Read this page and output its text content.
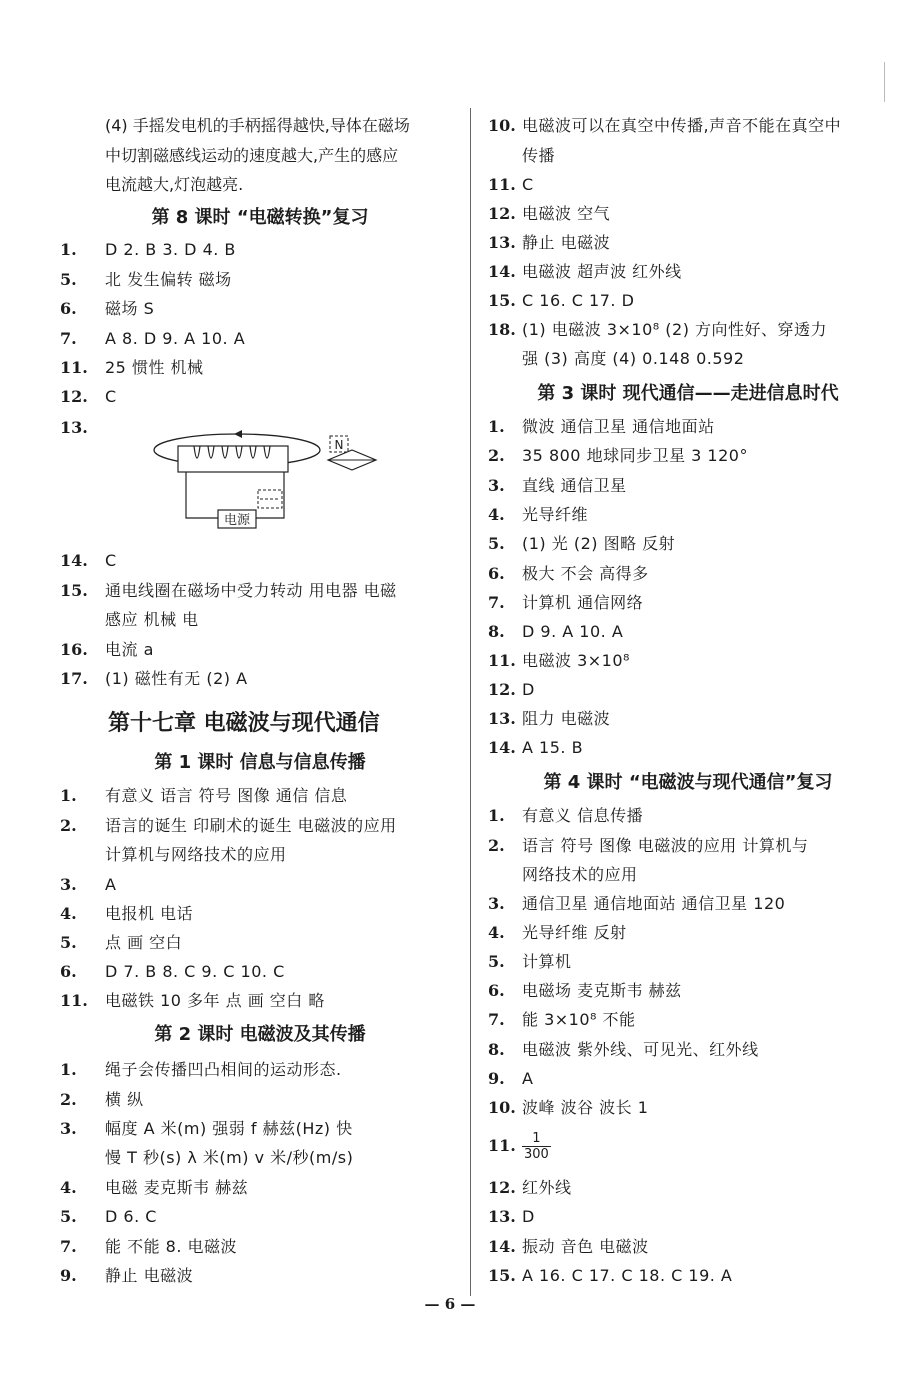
(4) 手摇发电机的手柄摇得越快,导体在磁场
中切割磁感线运动的速度越大,产生的感应
电流越大,灯泡越亮.
第 8 课时 “电磁转换”复习
1. D 2. B 3. D 4. B
5. 北 发生偏转 磁场
6. 磁场 S
7. A 8. D 9. A 10. A
11. 25 惯性 机械
12. C
13.
14. C
15. 通电线圈在磁场中受力转动 用电器 电磁
感应 机械 电
16. 电流 a
17. (1) 磁性有无 (2) A
第十七章 电磁波与现代通信
第 1 课时 信息与信息传播
1. 有意义 语言 符号 图像 通信 信息
2. 语言的诞生 印刷术的诞生 电磁波的应用
计算机与网络技术的应用
3. A
4. 电报机 电话
5. 点 画 空白
6. D 7. B 8. C 9. C 10. C
11. 电磁铁 10 多年 点 画 空白 略
第 2 课时 电磁波及其传播
1. 绳子会传播凹凸相间的运动形态.
2. 横 纵
3. 幅度 A 米(m) 强弱 f 赫兹(Hz) 快
慢 T 秒(s) λ 米(m) v 米/秒(m/s)
4. 电磁 麦克斯韦 赫兹
5. D 6. C
7. 能 不能 8. 电磁波
9. 静止 电磁波
电源
N
10. 电磁波可以在真空中传播,声音不能在真空中
传播
11. C
12. 电磁波 空气
13. 静止 电磁波
14. 电磁波 超声波 红外线
15. C 16. C 17. D
18. (1) 电磁波 3×10⁸ (2) 方向性好、穿透力
强 (3) 高度 (4) 0.148 0.592
第 3 课时 现代通信——走进信息时代
1. 微波 通信卫星 通信地面站
2. 35 800 地球同步卫星 3 120°
3. 直线 通信卫星
4. 光导纤维
5. (1) 光 (2) 图略 反射
6. 极大 不会 高得多
7. 计算机 通信网络
8. D 9. A 10. A
11. 电磁波 3×10⁸
12. D
13. 阻力 电磁波
14. A 15. B
第 4 课时 “电磁波与现代通信”复习
1. 有意义 信息传播
2. 语言 符号 图像 电磁波的应用 计算机与
网络技术的应用
3. 通信卫星 通信地面站 通信卫星 120
4. 光导纤维 反射
5. 计算机
6. 电磁场 麦克斯韦 赫兹
7. 能 3×10⁸ 不能
8. 电磁波 紫外线、可见光、红外线
9. A
10. 波峰 波谷 波长 1
11. $\frac{1}{300}$
12. 红外线
13. D
14. 振动 音色 电磁波
15. A 16. C 17. C 18. C 19. A
— 6 —
